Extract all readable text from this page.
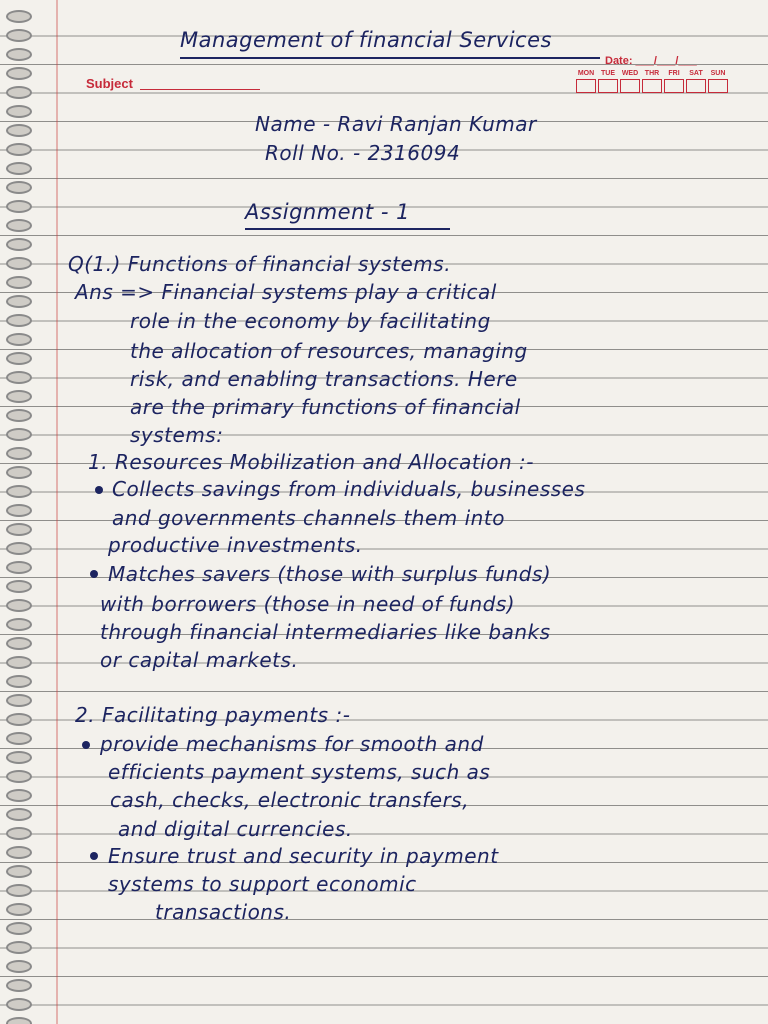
Management of financial Services
Subject
Date: ___/___/___
MON TUE WED THR	FRI	SAT	SUN
Name - Ravi Ranjan Kumar
Roll No. - 2316094
Assignment - 1
Q(1.) Functions of financial systems.
Ans => Financial systems play a critical
role in the economy by facilitating
the allocation of resources, managing
risk, and enabling transactions. Here
are the primary functions of financial
systems:
1. Resources Mobilization and Allocation :-
Collects savings from individuals, businesses
and governments channels them into
productive investments.
Matches savers (those with surplus funds)
with borrowers (those in need of funds)
through financial intermediaries like banks
or capital markets.
2. Facilitating payments :-
provide mechanisms for smooth and
efficients payment systems, such as
cash, checks, electronic transfers,
and digital currencies.
Ensure trust and security in payment
systems to support economic
transactions.
